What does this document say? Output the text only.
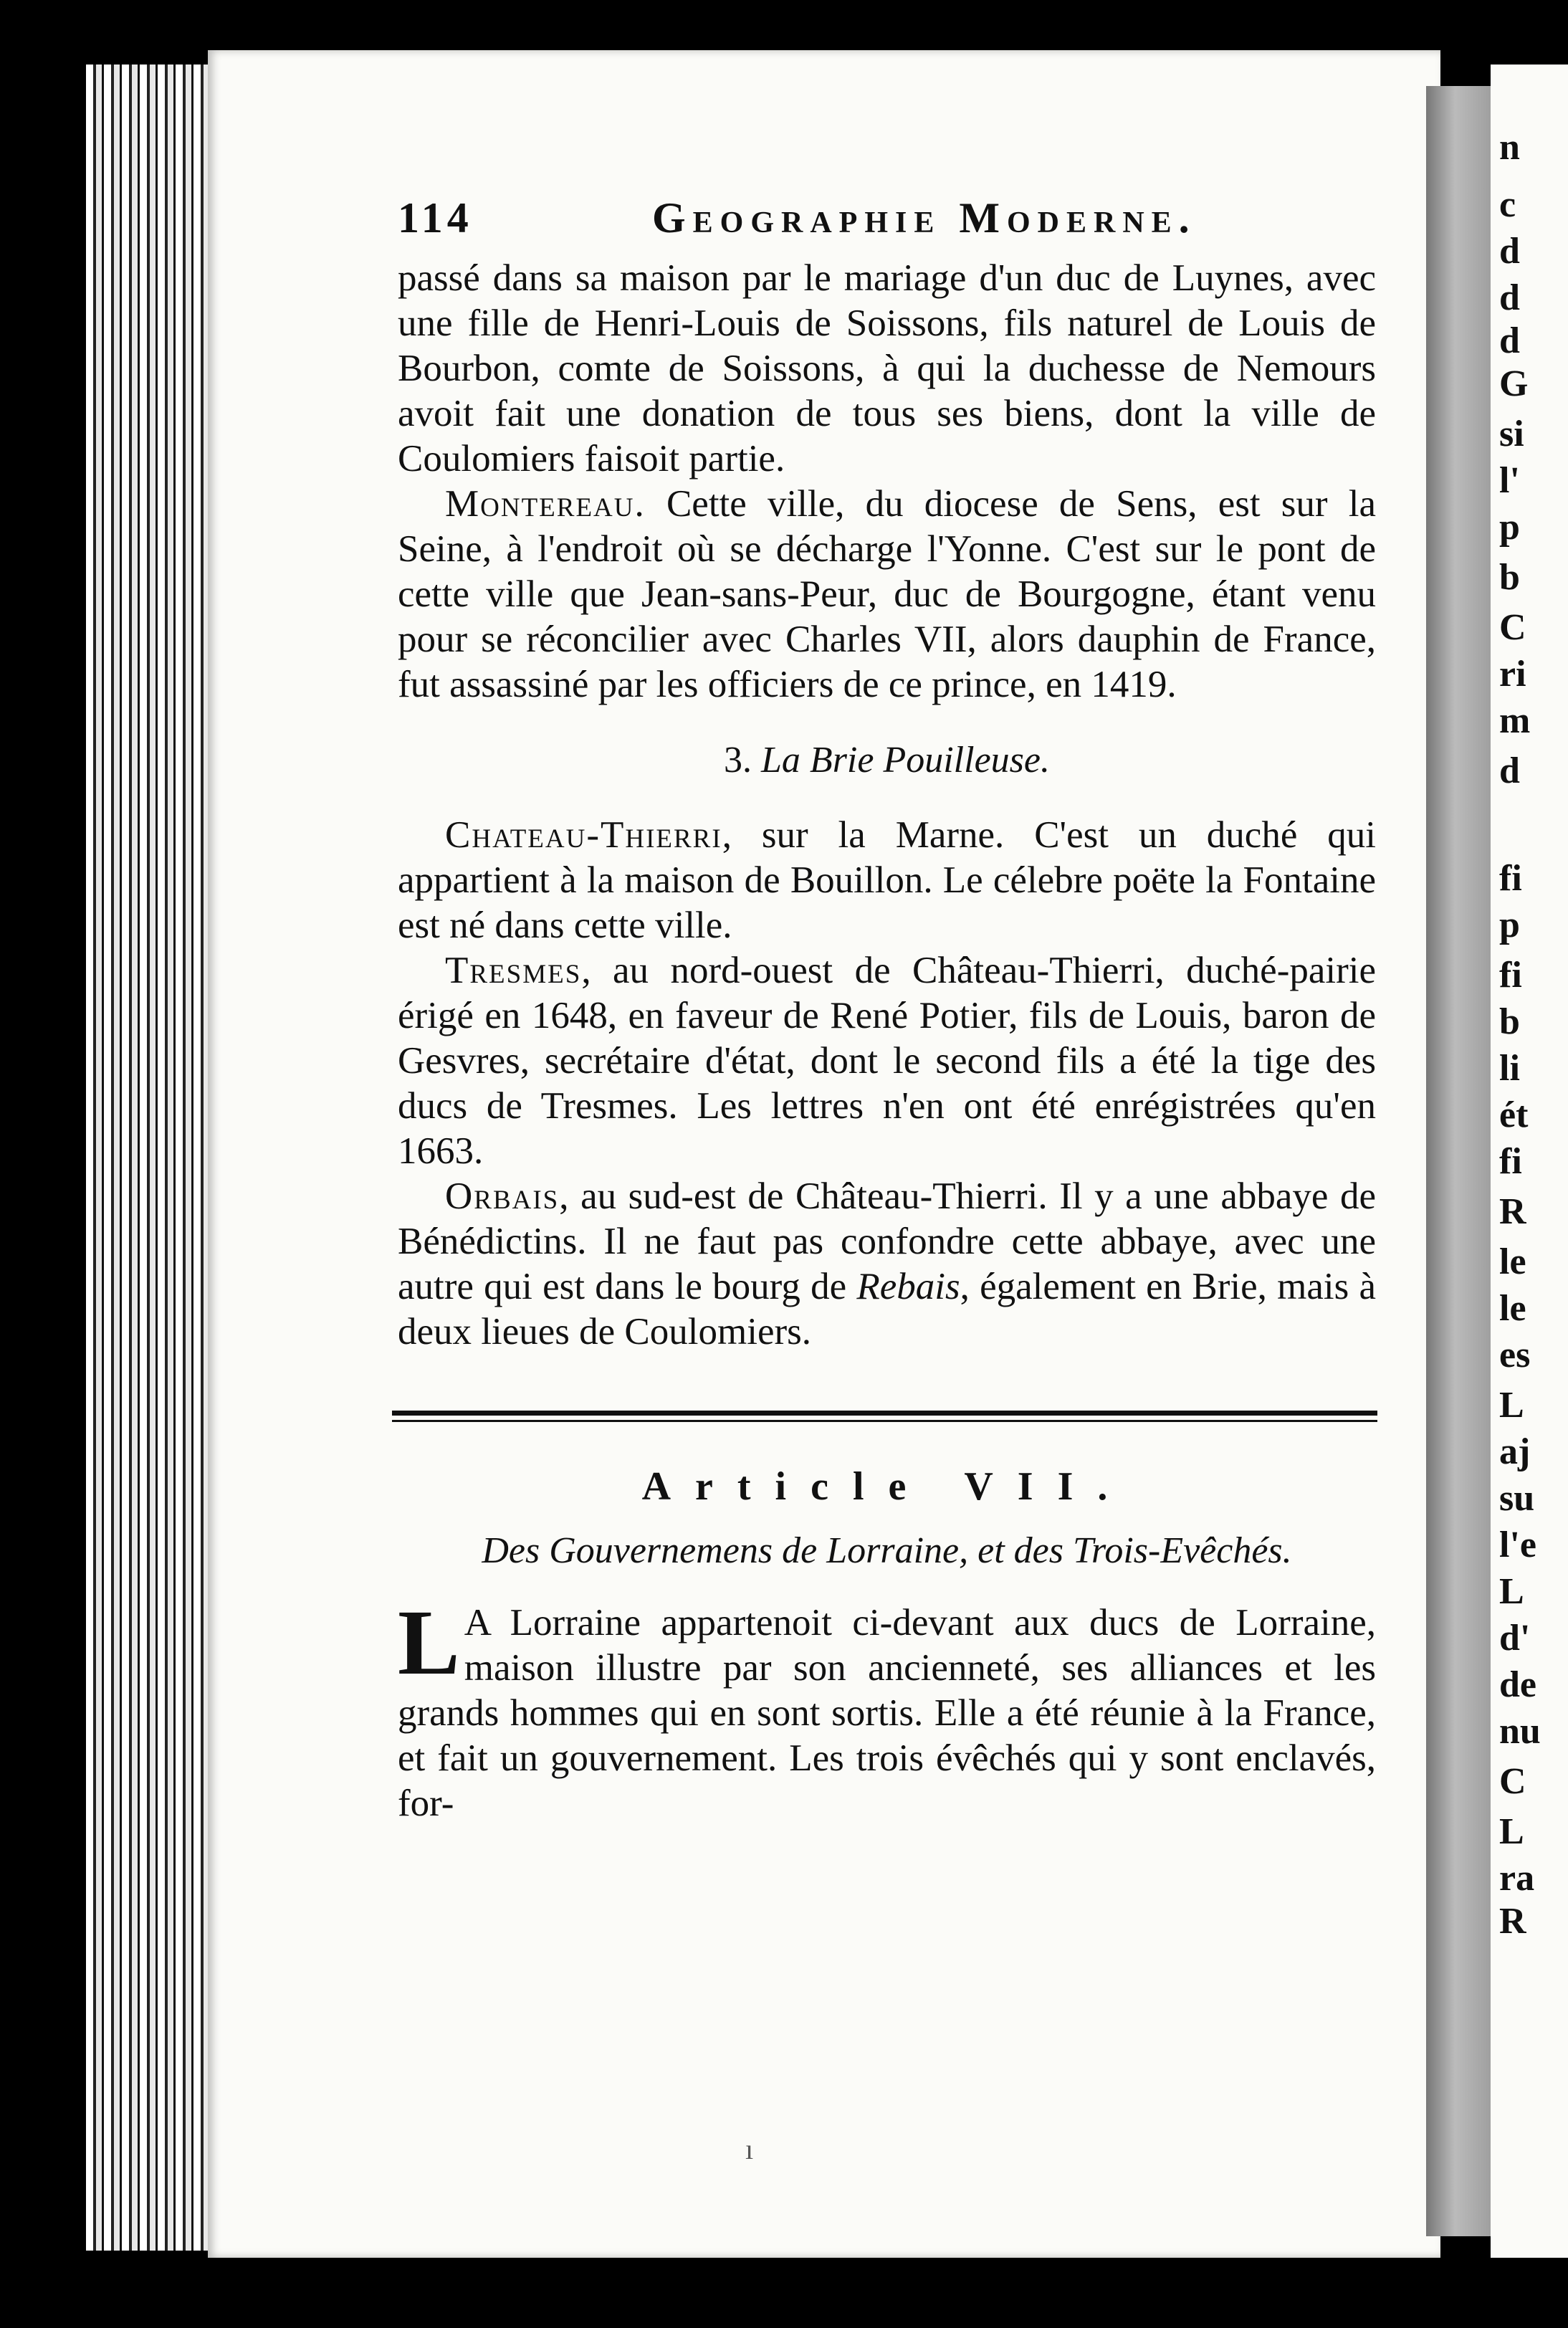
n
c
d
d
d
G
si
l'
p
b
C
ri
m
d
fi
p
fi
b
li
ét
fi
R
le
le
es
L
aj
su
l'e
L
d'
de
nu
C
L
ra
R
114	Geographie Moderne.

passé dans sa maison par le mariage d'un duc de Luynes, avec une fille de Henri-Louis de Soissons, fils naturel de Louis de Bourbon, comte de Soissons, à qui la duchesse de Nemours avoit fait une donation de tous ses biens, dont la ville de Coulomiers faisoit partie.

Montereau. Cette ville, du diocese de Sens, est sur la Seine, à l'endroit où se décharge l'Yonne. C'est sur le pont de cette ville que Jean-sans-Peur, duc de Bourgogne, étant venu pour se réconcilier avec Charles VII, alors dauphin de France, fut assassiné par les officiers de ce prince, en 1419.

3. La Brie Pouilleuse.

Chateau-Thierri, sur la Marne. C'est un duché qui appartient à la maison de Bouillon. Le célebre poëte la Fontaine est né dans cette ville.

Tresmes, au nord-ouest de Château-Thierri, duché-pairie érigé en 1648, en faveur de René Potier, fils de Louis, baron de Gesvres, secrétaire d'état, dont le second fils a été la tige des ducs de Tresmes. Les lettres n'en ont été enrégistrées qu'en 1663.

Orbais, au sud-est de Château-Thierri. Il y a une abbaye de Bénédictins. Il ne faut pas confondre cette abbaye, avec une autre qui est dans le bourg de Rebais, également en Brie, mais à deux lieues de Coulomiers.

Article VII.
Des Gouvernemens de Lorraine, et des Trois-Evêchés.

L A Lorraine appartenoit ci-devant aux ducs de Lorraine, maison illustre par son ancienneté, ses alliances et les grands hommes qui en sont sortis. Elle a été réunie à la France, et fait un gouvernement. Les trois évêchés qui y sont enclavés, for-

ı
